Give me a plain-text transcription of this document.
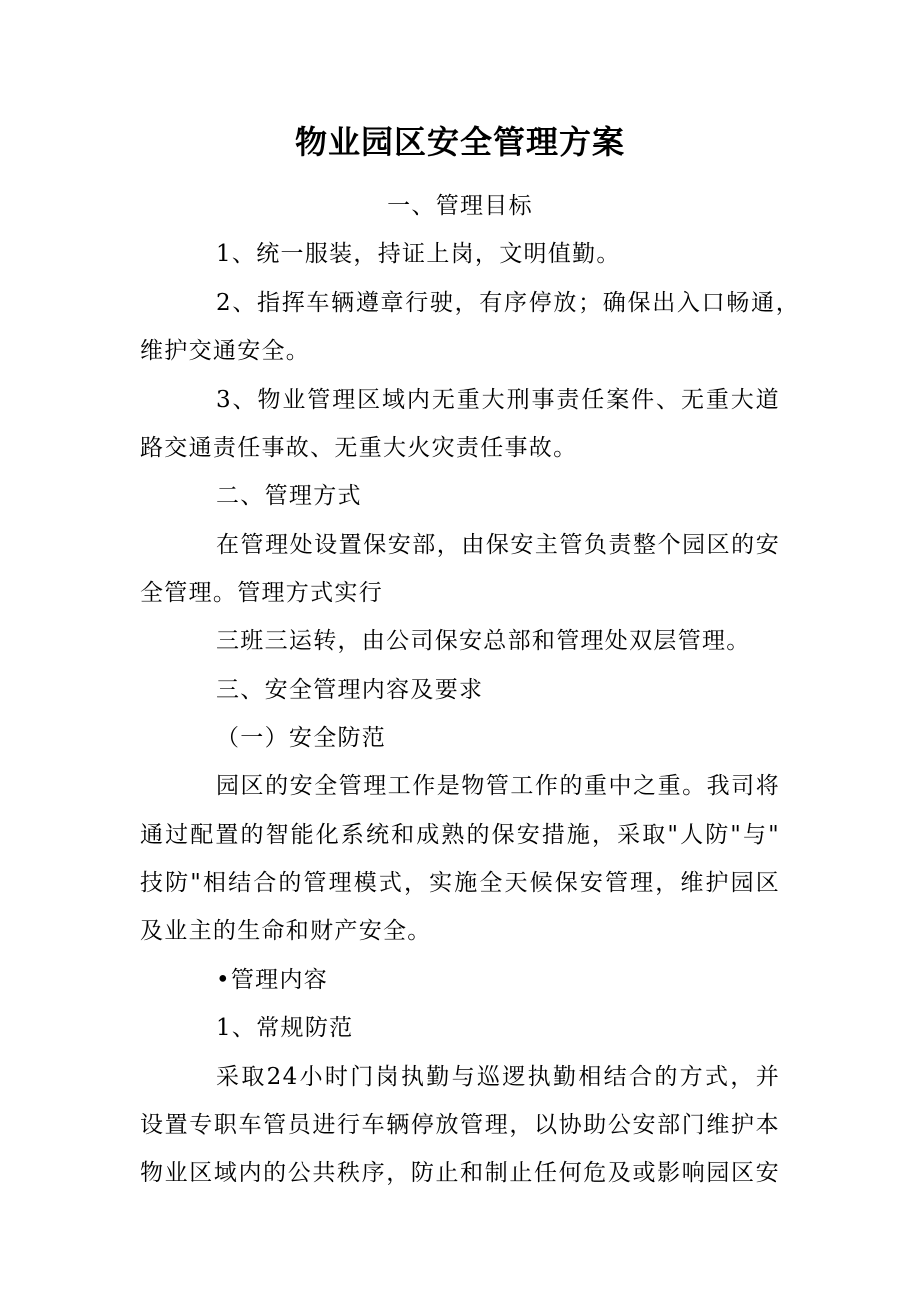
物业园区安全管理方案
一、管理目标
1、统一服装，持证上岗，文明值勤。
2、指挥车辆遵章行驶，有序停放；确保出入口畅通，
维护交通安全。
3、物业管理区域内无重大刑事责任案件、无重大道
路交通责任事故、无重大火灾责任事故。
二、管理方式
在管理处设置保安部，由保安主管负责整个园区的安
全管理。管理方式实行
三班三运转，由公司保安总部和管理处双层管理。
三、安全管理内容及要求
（一）安全防范
园区的安全管理工作是物管工作的重中之重。我司将
通过配置的智能化系统和成熟的保安措施，采取"人防"与"
技防"相结合的管理模式，实施全天候保安管理，维护园区
及业主的生命和财产安全。
•管理内容
1、常规防范
采取24小时门岗执勤与巡逻执勤相结合的方式，并
设置专职车管员进行车辆停放管理，以协助公安部门维护本
物业区域内的公共秩序，防止和制止任何危及或影响园区安
